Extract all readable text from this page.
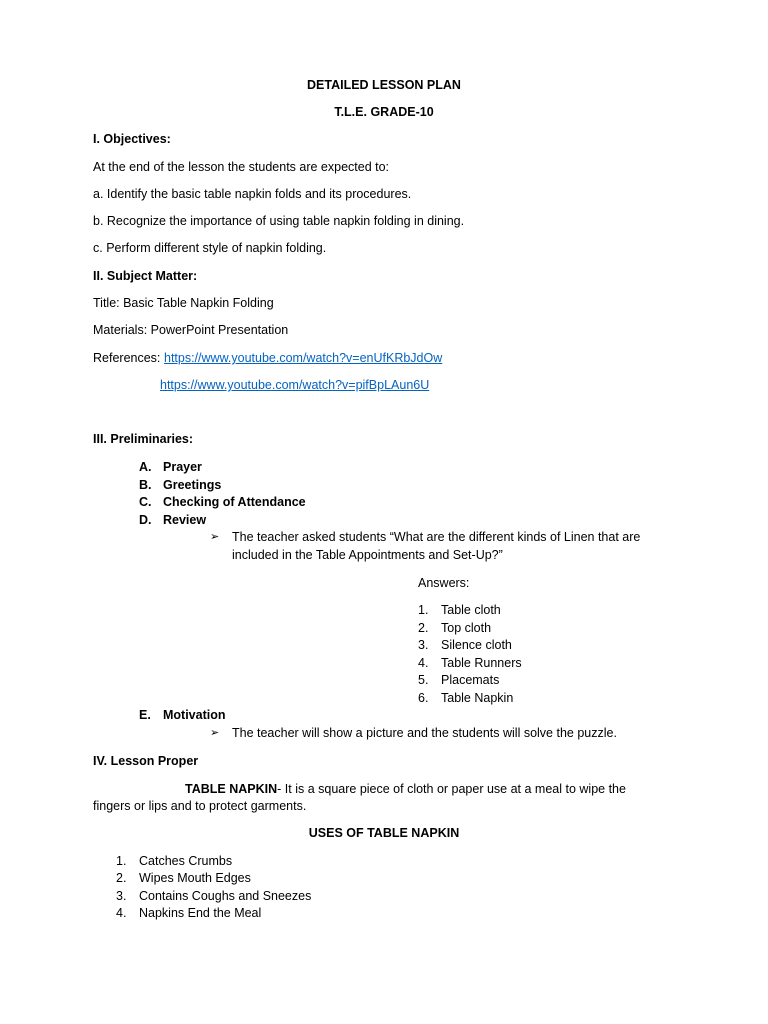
DETAILED LESSON PLAN
T.L.E. GRADE-10
I. Objectives:
At the end of the lesson the students are expected to:
a. Identify the basic table napkin folds and its procedures.
b. Recognize the importance of using table napkin folding in dining.
c. Perform different style of napkin folding.
II. Subject Matter:
Title: Basic Table Napkin Folding
Materials: PowerPoint Presentation
References: https://www.youtube.com/watch?v=enUfKRbJdOw
https://www.youtube.com/watch?v=pifBpLAun6U
III. Preliminaries:
A. Prayer
B. Greetings
C. Checking of Attendance
D. Review
➢ The teacher asked students “What are the different kinds of Linen that are
included in the Table Appointments and Set-Up?”
Answers:
1. Table cloth
2. Top cloth
3. Silence cloth
4. Table Runners
5. Placemats
6. Table Napkin
E. Motivation
➢ The teacher will show a picture and the students will solve the puzzle.
IV. Lesson Proper
TABLE NAPKIN- It is a square piece of cloth or paper use at a meal to wipe the
fingers or lips and to protect garments.
USES OF TABLE NAPKIN
1. Catches Crumbs
2. Wipes Mouth Edges
3. Contains Coughs and Sneezes
4. Napkins End the Meal
